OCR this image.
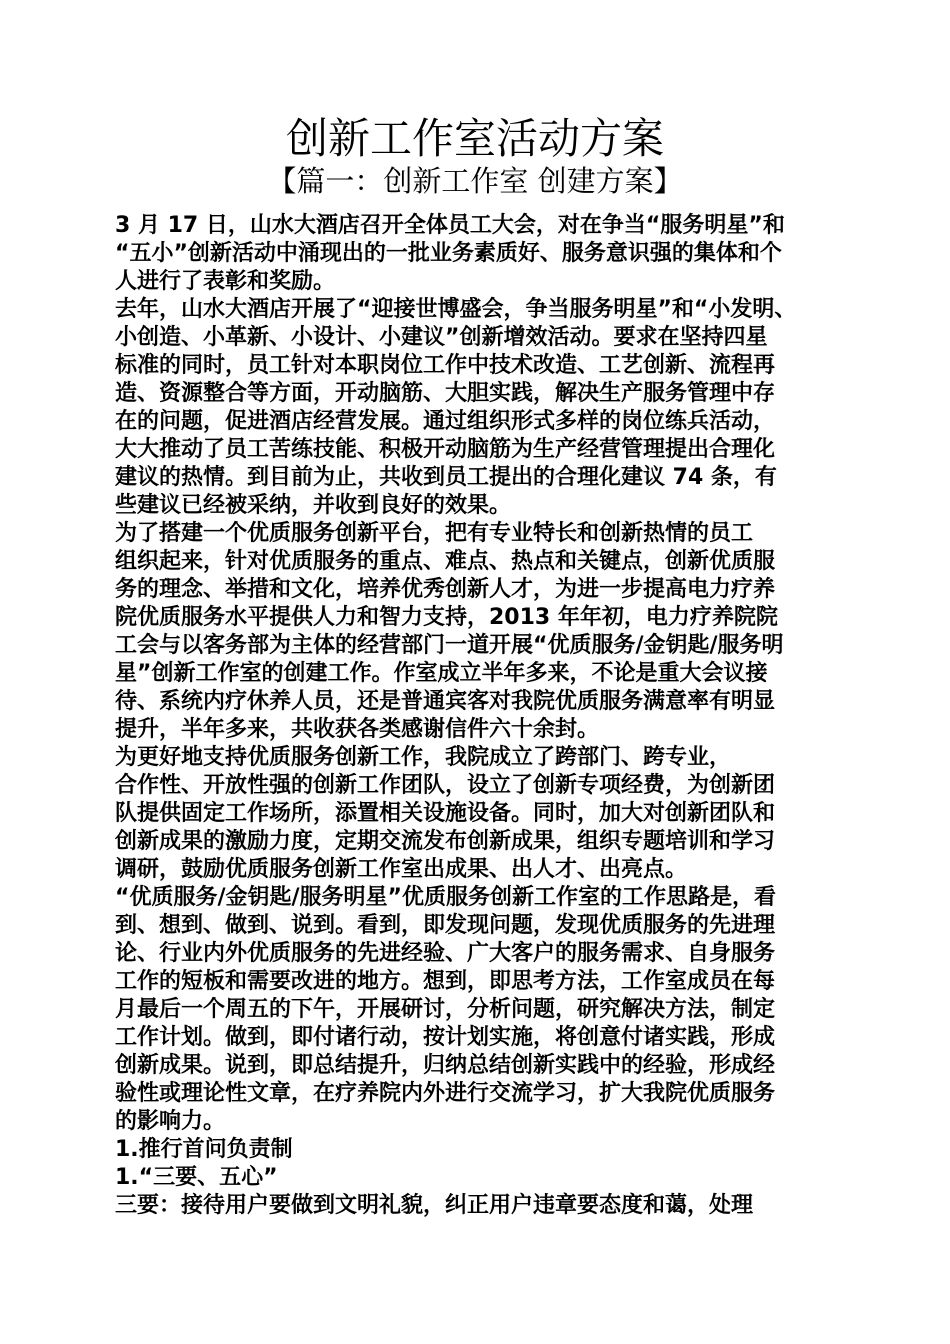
创新工作室活动方案
【篇一：创新工作室 创建方案】
3 月 17 日，山水大酒店召开全体员工大会，对在争当“服务明星”和
“五小”创新活动中涌现出的一批业务素质好、服务意识强的集体和个
人进行了表彰和奖励。
去年，山水大酒店开展了“迎接世博盛会，争当服务明星”和“小发明、
小创造、小革新、小设计、小建议”创新增效活动。要求在坚持四星
标准的同时，员工针对本职岗位工作中技术改造、工艺创新、流程再
造、资源整合等方面，开动脑筋、大胆实践，解决生产服务管理中存
在的问题，促进酒店经营发展。通过组织形式多样的岗位练兵活动，
大大推动了员工苦练技能、积极开动脑筋为生产经营管理提出合理化
建议的热情。到目前为止，共收到员工提出的合理化建议 74 条，有
些建议已经被采纳，并收到良好的效果。
为了搭建一个优质服务创新平台，把有专业特长和创新热情的员工
组织起来，针对优质服务的重点、难点、热点和关键点，创新优质服
务的理念、举措和文化，培养优秀创新人才，为进一步提高电力疗养
院优质服务水平提供人力和智力支持，2013 年年初，电力疗养院院
工会与以客务部为主体的经营部门一道开展“优质服务/金钥匙/服务明
星”创新工作室的创建工作。作室成立半年多来，不论是重大会议接
待、系统内疗休养人员，还是普通宾客对我院优质服务满意率有明显
提升，半年多来，共收获各类感谢信件六十余封。
为更好地支持优质服务创新工作，我院成立了跨部门、跨专业，
合作性、开放性强的创新工作团队，设立了创新专项经费，为创新团
队提供固定工作场所，添置相关设施设备。同时，加大对创新团队和
创新成果的激励力度，定期交流发布创新成果，组织专题培训和学习
调研，鼓励优质服务创新工作室出成果、出人才、出亮点。
“优质服务/金钥匙/服务明星”优质服务创新工作室的工作思路是，看
到、想到、做到、说到。看到，即发现问题，发现优质服务的先进理
论、行业内外优质服务的先进经验、广大客户的服务需求、自身服务
工作的短板和需要改进的地方。想到，即思考方法，工作室成员在每
月最后一个周五的下午，开展研讨，分析问题，研究解决方法，制定
工作计划。做到，即付诸行动，按计划实施，将创意付诸实践，形成
创新成果。说到，即总结提升，归纳总结创新实践中的经验，形成经
验性或理论性文章，在疗养院内外进行交流学习，扩大我院优质服务
的影响力。
1.推行首问负责制
1.“三要、五心”
三要：接待用户要做到文明礼貌，纠正用户违章要态度和蔼，处理
